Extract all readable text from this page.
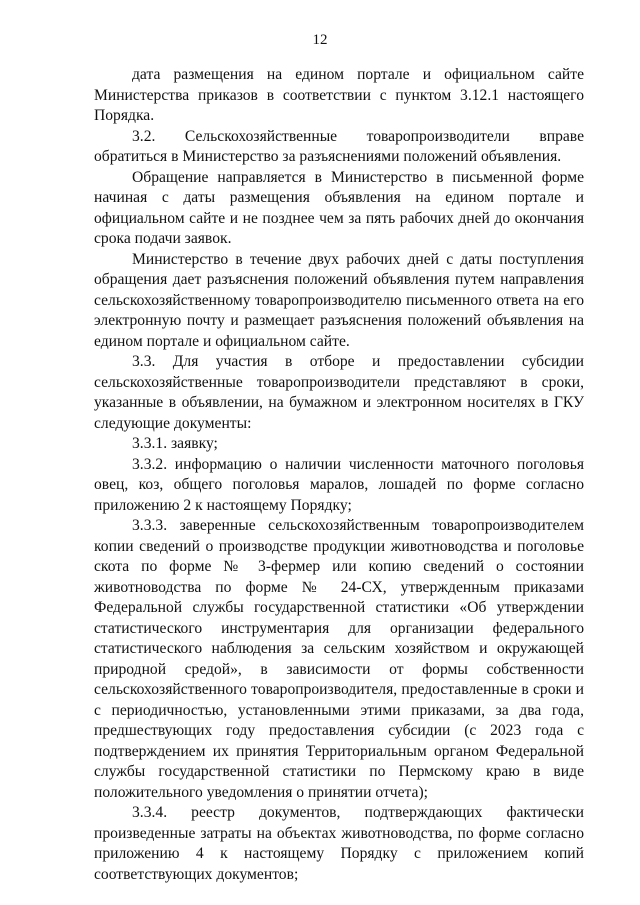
12

дата размещения на едином портале и официальном сайте Министерства приказов в соответствии с пунктом 3.12.1 настоящего Порядка.

3.2. Сельскохозяйственные товаропроизводители вправе обратиться в Министерство за разъяснениями положений объявления.

Обращение направляется в Министерство в письменной форме начиная с даты размещения объявления на едином портале и официальном сайте и не позднее чем за пять рабочих дней до окончания срока подачи заявок.

Министерство в течение двух рабочих дней с даты поступления обращения дает разъяснения положений объявления путем направления сельскохозяйственному товаропроизводителю письменного ответа на его электронную почту и размещает разъяснения положений объявления на едином портале и официальном сайте.

3.3. Для участия в отборе и предоставлении субсидии сельскохозяйственные товаропроизводители представляют в сроки, указанные в объявлении, на бумажном и электронном носителях в ГКУ следующие документы:

3.3.1. заявку;

3.3.2. информацию о наличии численности маточного поголовья овец, коз, общего поголовья маралов, лошадей по форме согласно приложению 2 к настоящему Порядку;

3.3.3. заверенные сельскохозяйственным товаропроизводителем копии сведений о производстве продукции животноводства и поголовье скота по форме № 3-фермер или копию сведений о состоянии животноводства по форме № 24-СХ, утвержденным приказами Федеральной службы государственной статистики «Об утверждении статистического инструментария для организации федерального статистического наблюдения за сельским хозяйством и окружающей природной средой», в зависимости от формы собственности сельскохозяйственного товаропроизводителя, предоставленные в сроки и с периодичностью, установленными этими приказами, за два года, предшествующих году предоставления субсидии (с 2023 года с подтверждением их принятия Территориальным органом Федеральной службы государственной статистики по Пермскому краю в виде положительного уведомления о принятии отчета);

3.3.4. реестр документов, подтверждающих фактически произведенные затраты на объектах животноводства, по форме согласно приложению 4 к настоящему Порядку с приложением копий соответствующих документов;
